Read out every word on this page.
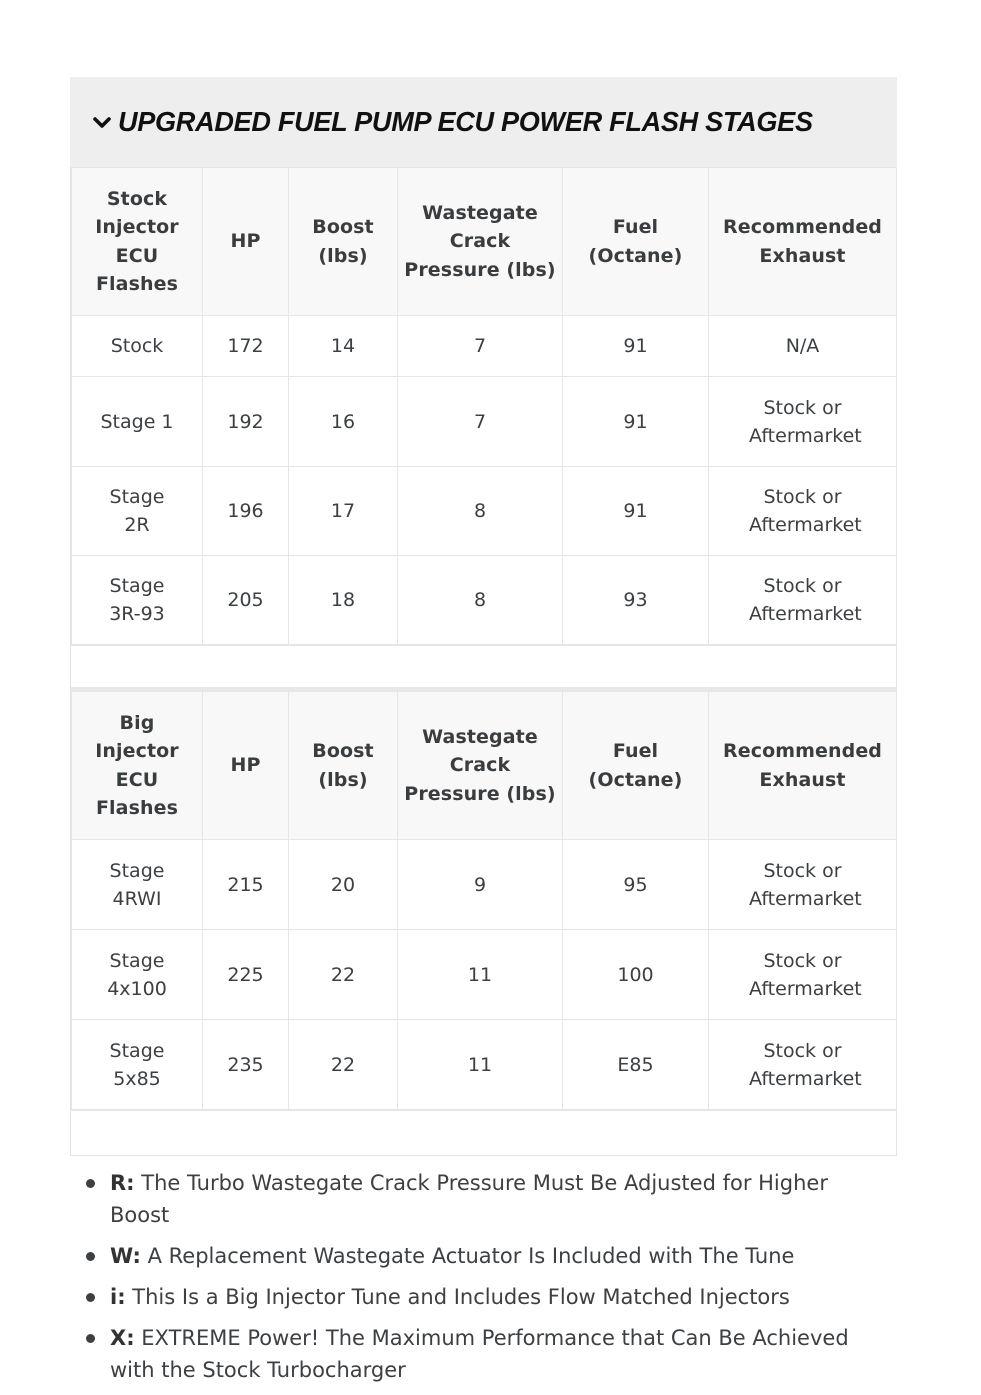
UPGRADED FUEL PUMP ECU POWER FLASH STAGES
Stock Injector ECU Flashes	HP	Boost (lbs)	Wastegate Crack Pressure (lbs)	Fuel (Octane)	Recommended Exhaust
Stock	172	14	7	91	N/A
Stage 1	192	16	7	91	Stock or Aftermarket
Stage 2R	196	17	8	91	Stock or Aftermarket
Stage 3R-93	205	18	8	93	Stock or Aftermarket
Big Injector ECU Flashes	HP	Boost (lbs)	Wastegate Crack Pressure (lbs)	Fuel (Octane)	Recommended Exhaust
Stage 4RWI	215	20	9	95	Stock or Aftermarket
Stage 4x100	225	22	11	100	Stock or Aftermarket
Stage 5x85	235	22	11	E85	Stock or Aftermarket
R: The Turbo Wastegate Crack Pressure Must Be Adjusted for Higher Boost
W: A Replacement Wastegate Actuator Is Included with The Tune
i: This Is a Big Injector Tune and Includes Flow Matched Injectors
X: EXTREME Power! The Maximum Performance that Can Be Achieved with the Stock Turbocharger
